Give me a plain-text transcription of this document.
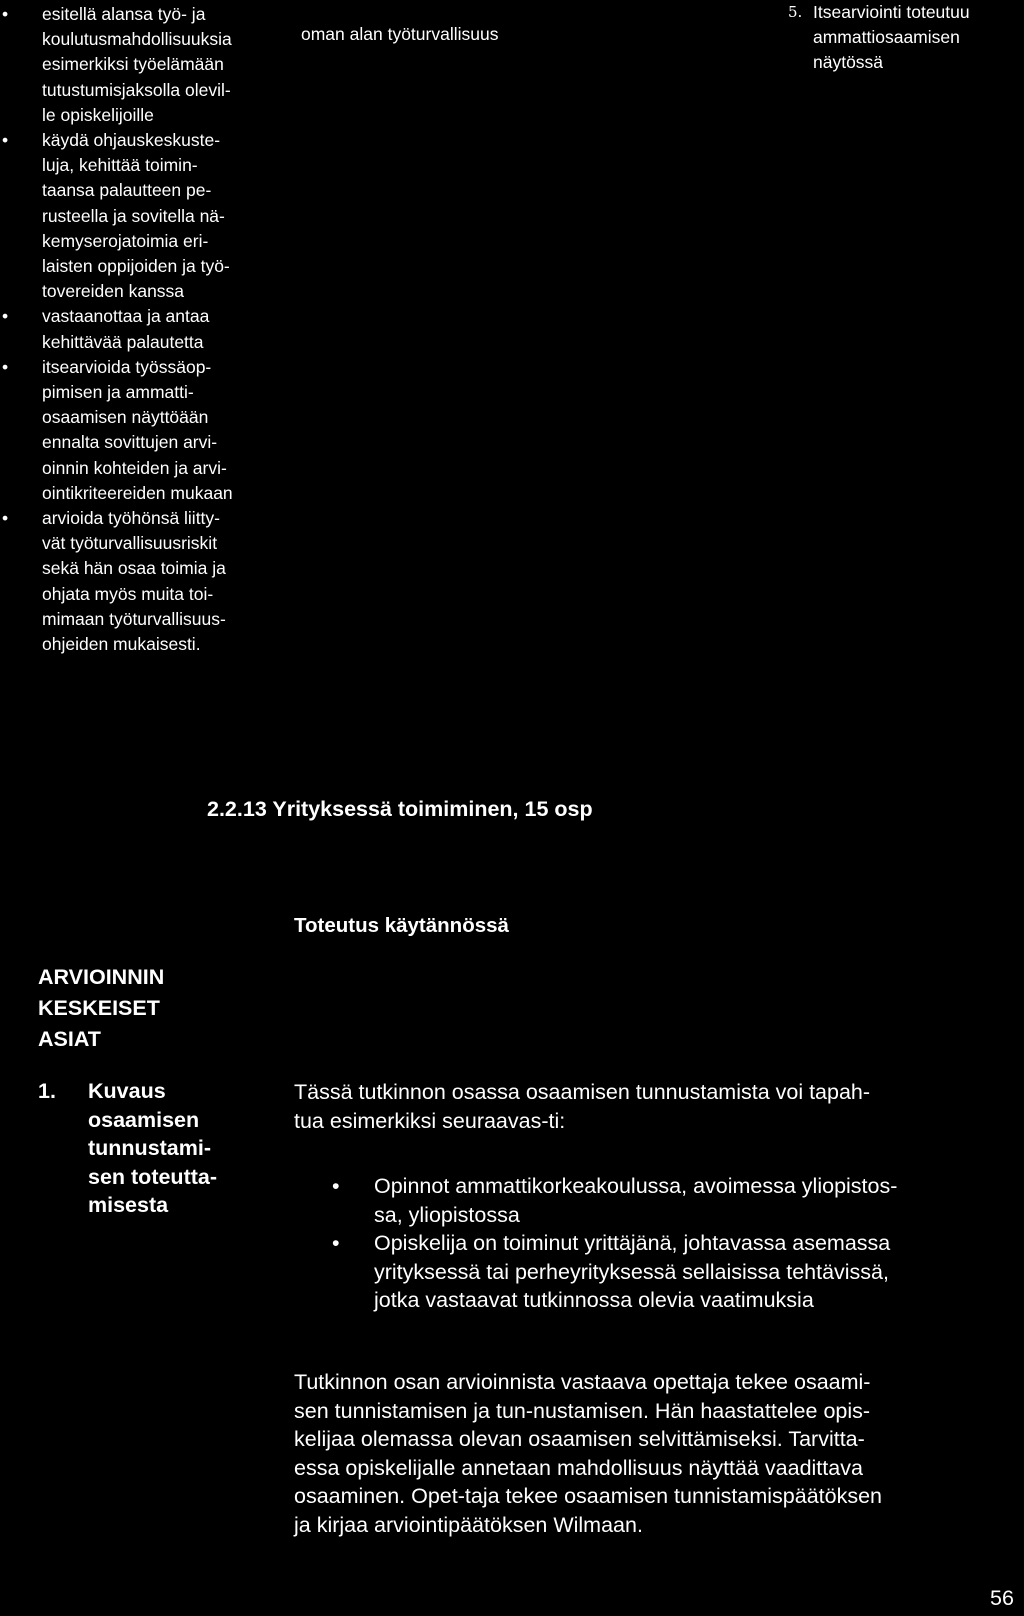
• esitellä alansa työ- ja
koulutusmahdollisuuksia
esimerkiksi työelämään
tutustumisjaksolla olevil-
le opiskelijoille
• käydä ohjauskeskuste-
luja, kehittää toimin-
taansa palautteen pe-
rusteella ja sovitella nä-
kemyserojatoimia eri-
laisten oppijoiden ja työ-
tovereiden kanssa
• vastaanottaa ja antaa
kehittävää palautetta
• itsearvioida työssäop-
pimisen ja ammatti-
osaamisen näyttöään
ennalta sovittujen arvi-
oinnin kohteiden ja arvi-
ointikriteereiden mukaan
• arvioida työhönsä liitty-
vät työturvallisuusriskit
sekä hän osaa toimia ja
ohjata myös muita toi-
mimaan työturvallisuus-
ohjeiden mukaisesti.
oman alan työturvallisuus
5. Itsearviointi toteutuu
ammattiosaamisen
näytössä
2.2.13 Yrityksessä toimiminen, 15 osp
Toteutus käytännössä
ARVIOINNIN
KESKEISET
ASIAT
1. Kuvaus
osaamisen
tunnustami-
sen toteutta-
misesta
Tässä tutkinnon osassa osaamisen tunnustamista voi tapah-
tua esimerkiksi seuraavas-ti:
• Opinnot ammattikorkeakoulussa, avoimessa yliopistos-
sa, yliopistossa
• Opiskelija on toiminut yrittäjänä, johtavassa asemassa
yrityksessä tai perheyrityksessä sellaisissa tehtävissä,
jotka vastaavat tutkinnossa olevia vaatimuksia
Tutkinnon osan arvioinnista vastaava opettaja tekee osaami-
sen tunnistamisen ja tun-nustamisen. Hän haastattelee opis-
kelijaa olemassa olevan osaamisen selvittämiseksi. Tarvitta-
essa opiskelijalle annetaan mahdollisuus näyttää vaadittava
osaaminen. Opet-taja tekee osaamisen tunnistamispäätöksen
ja kirjaa arviointipäätöksen Wilmaan.
56
